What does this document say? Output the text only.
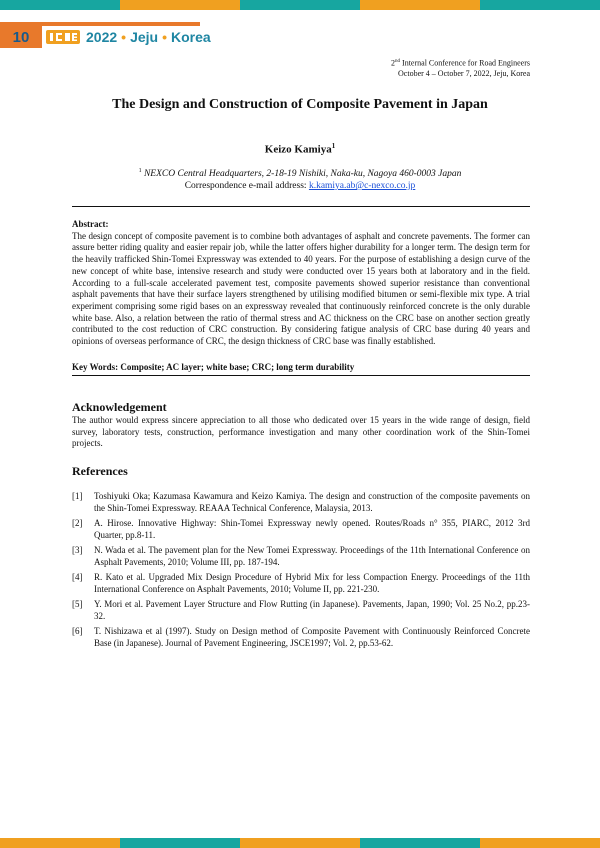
10	2022 • Jeju • Korea
2nd Internal Conference for Road Engineers
October 4 – October 7, 2022, Jeju, Korea
The Design and Construction of Composite Pavement in Japan
Keizo Kamiya$^1$
$^1$ NEXCO Central Headquarters, 2-18-19 Nishiki, Naka-ku, Nagoya 460-0003 Japan
Correspondence e-mail address: k.kamiya.ab@c-nexco.co.jp
Abstract:
The design concept of composite pavement is to combine both advantages of asphalt and concrete pavements. The former can assure better riding quality and easier repair job, while the latter offers higher durability for a longer term. The design term for the heavily trafficked Shin-Tomei Expressway was extended to 40 years. For the purpose of establishing a design curve of the new concept of white base, intensive research and study were conducted over 15 years both at laboratory and in the field. According to a full-scale accelerated pavement test, composite pavements showed superior resistance than conventional asphalt pavements that have their surface layers strengthened by utilising modified bitumen or semi-flexible mix type. A trial experiment comprising some rigid bases on an expressway revealed that continuously reinforced concrete is the only durable white base. Also, a relation between the ratio of thermal stress and AC thickness on the CRC base on another section greatly contributed to the cost reduction of CRC construction. By considering fatigue analysis of CRC base during 40 years and opinions of overseas performance of CRC, the design thickness of CRC base was finally established.
Key Words: Composite; AC layer; white base; CRC; long term durability
Acknowledgement
The author would express sincere appreciation to all those who dedicated over 15 years in the wide range of design, field survey, laboratory tests, construction, performance investigation and many other coordination work of the Shin-Tomei projects.
References
[1]	Toshiyuki Oka; Kazumasa Kawamura and Keizo Kamiya. The design and construction of the composite pavements on the Shin-Tomei Expressway. REAAA Technical Conference, Malaysia, 2013.
[2]	A. Hirose. Innovative Highway: Shin-Tomei Expressway newly opened. Routes/Roads n° 355, PIARC, 2012 3rd Quarter, pp.8-11.
[3]	N. Wada et al. The pavement plan for the New Tomei Expressway. Proceedings of the 11th International Conference on Asphalt Pavements, 2010; Volume III, pp. 187-194.
[4]	R. Kato et al. Upgraded Mix Design Procedure of Hybrid Mix for less Compaction Energy. Proceedings of the 11th International Conference on Asphalt Pavements, 2010; Volume II, pp. 221-230.
[5]	Y. Mori et al. Pavement Layer Structure and Flow Rutting (in Japanese). Pavements, Japan, 1990; Vol. 25 No.2, pp.23-32.
[6]	T. Nishizawa et al (1997). Study on Design method of Composite Pavement with Continuously Reinforced Concrete Base (in Japanese). Journal of Pavement Engineering, JSCE1997; Vol. 2, pp.53-62.
